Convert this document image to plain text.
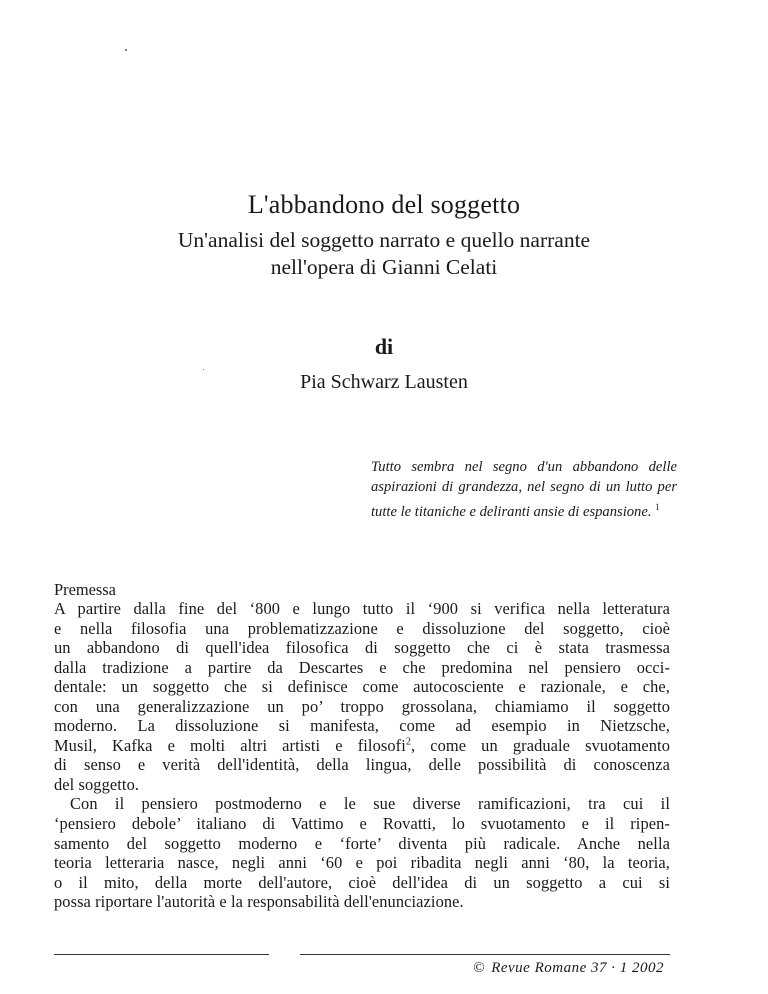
L'abbandono del soggetto
Un'analisi del soggetto narrato e quello narrante
nell'opera di Gianni Celati
di
Pia Schwarz Lausten
Tutto sembra nel segno d'un abbandono delle aspirazioni di grandezza, nel segno di un lutto per tutte le titaniche e deliranti ansie di espansione. $^1$
Premessa
A partire dalla fine del ‘800 e lungo tutto il ‘900 si verifica nella letteratura
e nella filosofia una problematizzazione e dissoluzione del soggetto, cioè
un abbandono di quell'idea filosofica di soggetto che ci è stata trasmessa
dalla tradizione a partire da Descartes e che predomina nel pensiero occi-
dentale: un soggetto che si definisce come autocosciente e razionale, e che,
con una generalizzazione un po’ troppo grossolana, chiamiamo il soggetto
moderno. La dissoluzione si manifesta, come ad esempio in Nietzsche,
Musil, Kafka e molti altri artisti e filosofi$^2$, come un graduale svuotamento
di senso e verità dell'identità, della lingua, delle possibilità di conoscenza
del soggetto.
Con il pensiero postmoderno e le sue diverse ramificazioni, tra cui il
‘pensiero debole’ italiano di Vattimo e Rovatti, lo svuotamento e il ripen-
samento del soggetto moderno e ‘forte’ diventa più radicale. Anche nella
teoria letteraria nasce, negli anni ‘60 e poi ribadita negli anni ‘80, la teoria,
o il mito, della morte dell'autore, cioè dell'idea di un soggetto a cui si
possa riportare l'autorità e la responsabilità dell'enunciazione.
© Revue Romane 37 · 1 2002
